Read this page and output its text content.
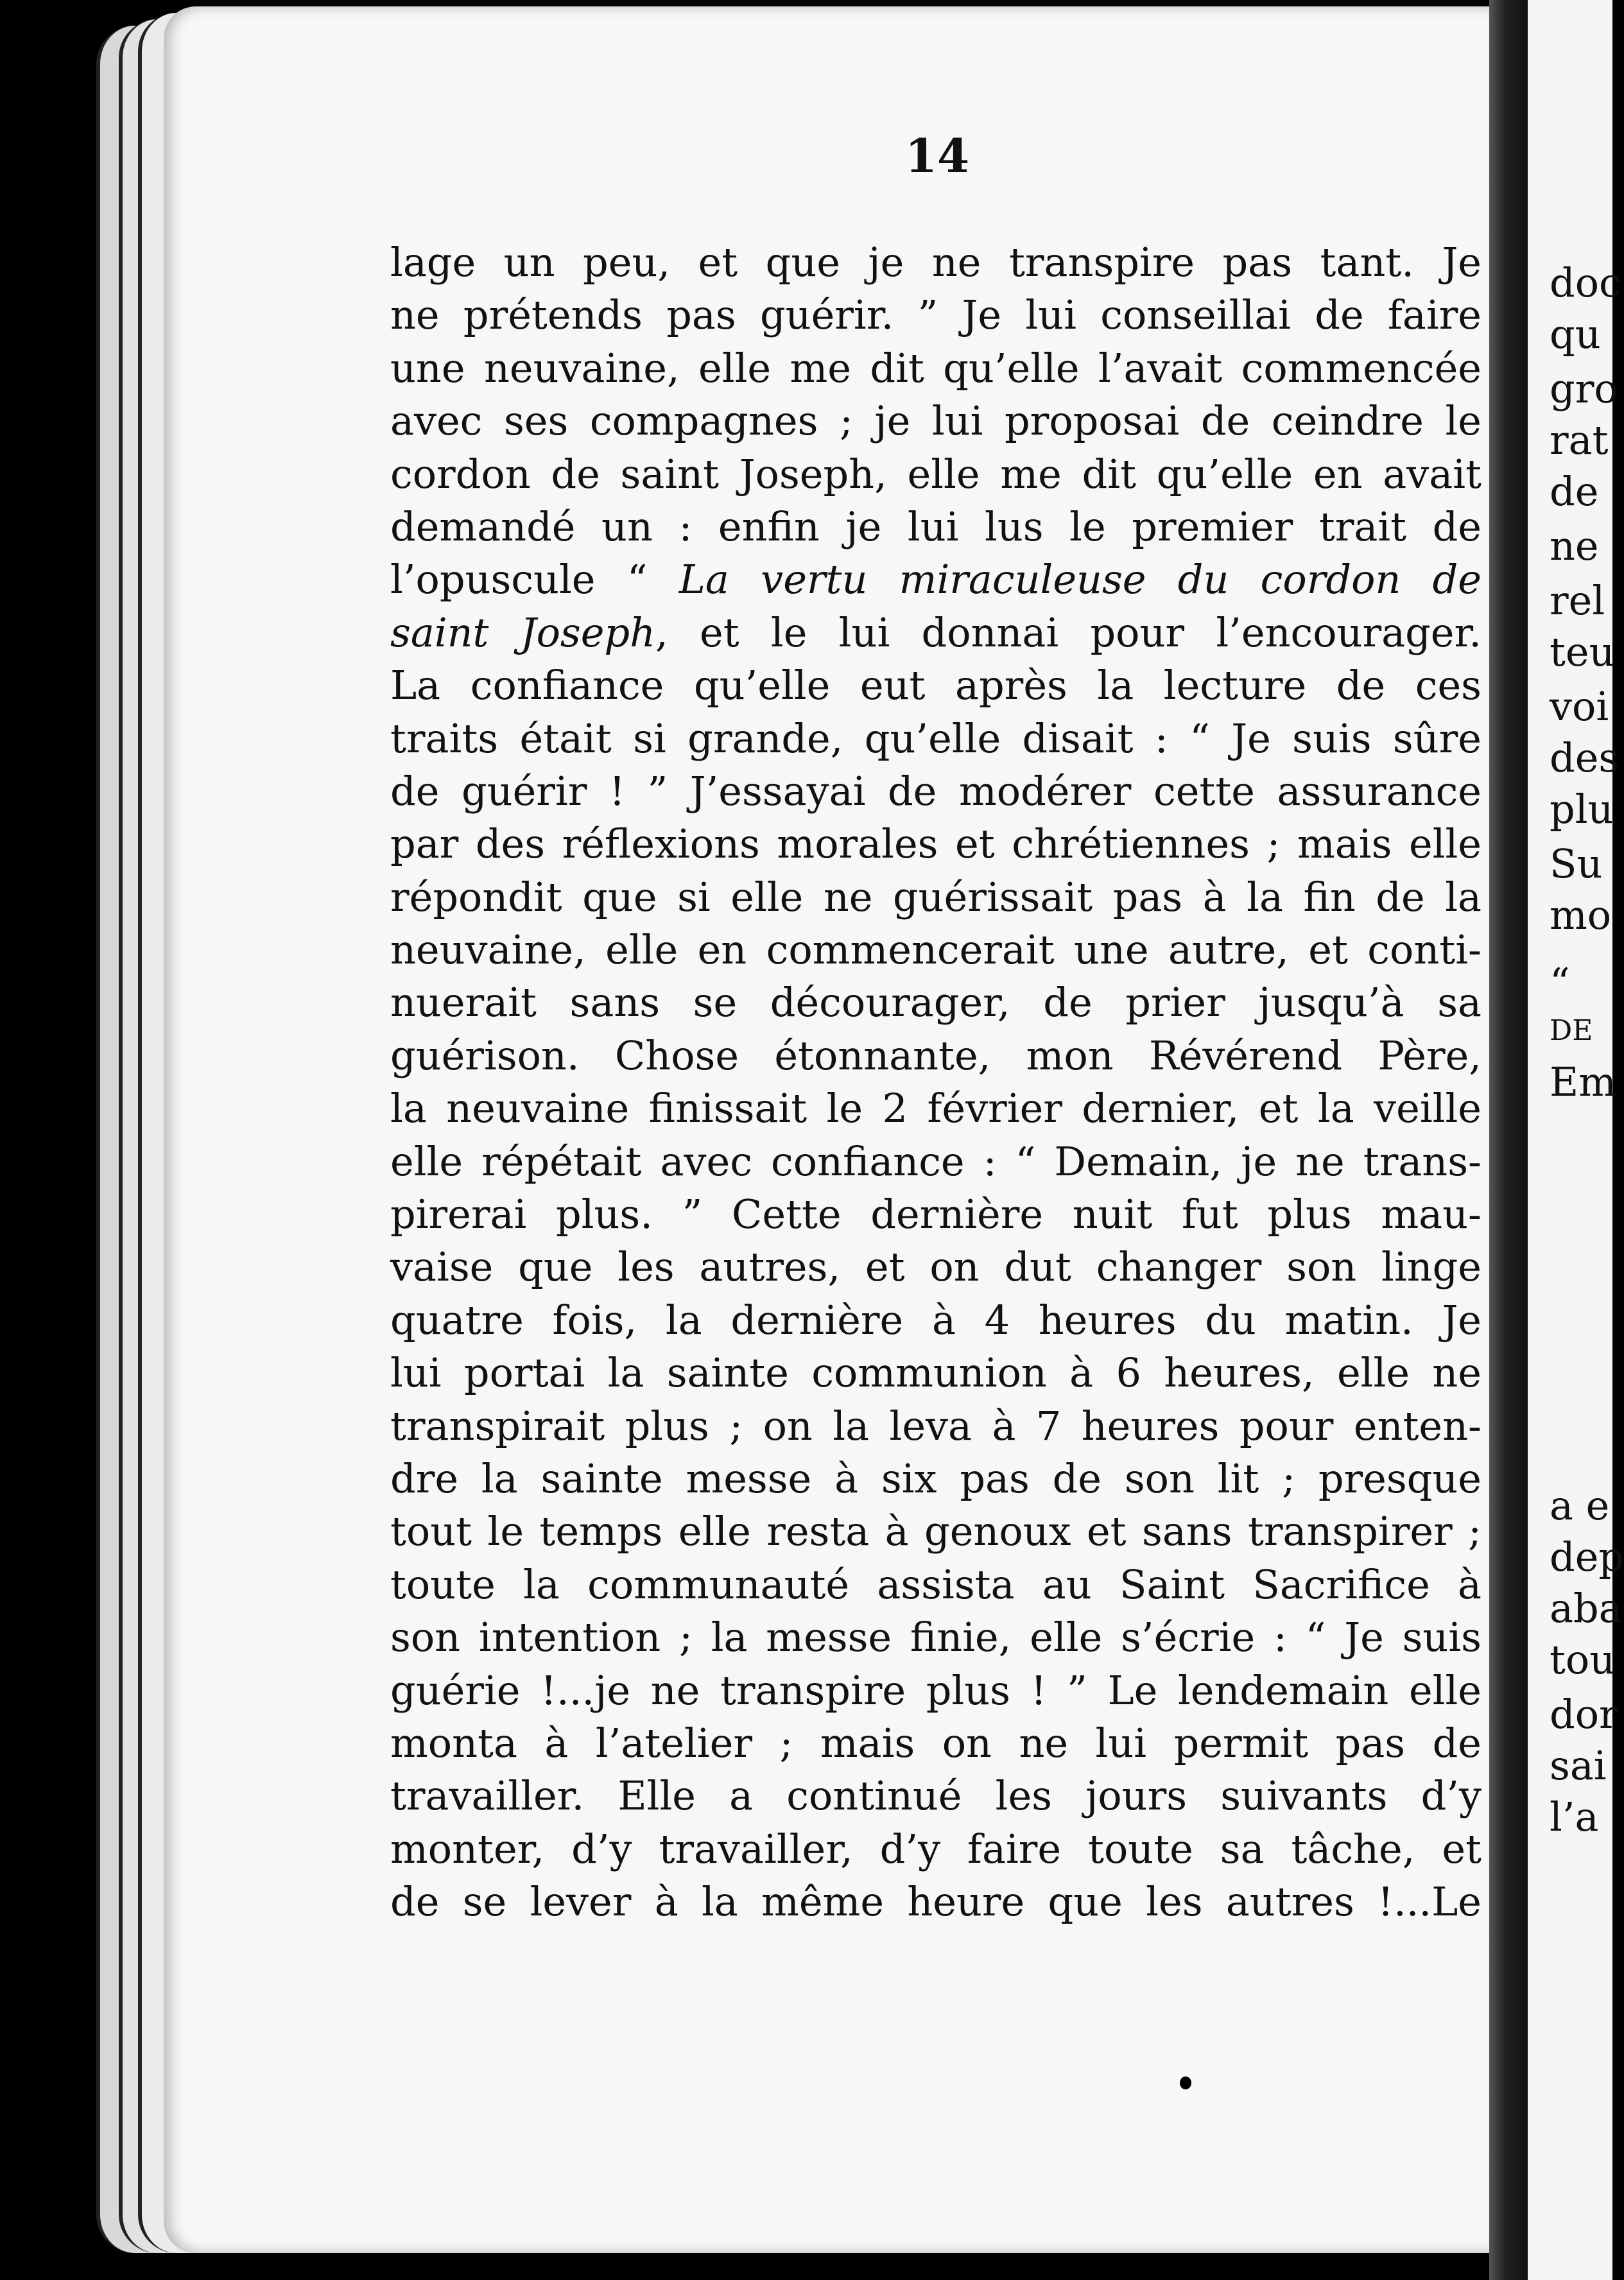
doc
qu
gro
rat
de
ne
rel
teu
voi
des
plu
Su
mo
“
DE
Em
a e
dep
aba
tou
dor
sai
l’a
14
lage un peu, et que je ne transpire pas tant. Je
ne prétends pas guérir. ” Je lui conseillai de faire
une neuvaine, elle me dit qu’elle l’avait commencée
avec ses compagnes ; je lui proposai de ceindre le
cordon de saint Joseph, elle me dit qu’elle en avait
demandé un : enfin je lui lus le premier trait de
l’opuscule “ La vertu miraculeuse du cordon de
saint Joseph, et le lui donnai pour l’encourager.
La confiance qu’elle eut après la lecture de ces
traits était si grande, qu’elle disait : “ Je suis sûre
de guérir ! ” J’essayai de modérer cette assurance
par des réflexions morales et chrétiennes ; mais elle
répondit que si elle ne guérissait pas à la fin de la
neuvaine, elle en commencerait une autre, et conti-
nuerait sans se décourager, de prier jusqu’à sa
guérison. Chose étonnante, mon Révérend Père,
la neuvaine finissait le 2 février dernier, et la veille
elle répétait avec confiance : “ Demain, je ne trans-
pirerai plus. ” Cette dernière nuit fut plus mau-
vaise que les autres, et on dut changer son linge
quatre fois, la dernière à 4 heures du matin. Je
lui portai la sainte communion à 6 heures, elle ne
transpirait plus ; on la leva à 7 heures pour enten-
dre la sainte messe à six pas de son lit ; presque
tout le temps elle resta à genoux et sans transpirer ;
toute la communauté assista au Saint Sacrifice à
son intention ; la messe finie, elle s’écrie : “ Je suis
guérie !...je ne transpire plus ! ” Le lendemain elle
monta à l’atelier ; mais on ne lui permit pas de
travailler. Elle a continué les jours suivants d’y
monter, d’y travailler, d’y faire toute sa tâche, et
de se lever à la même heure que les autres !...Le
